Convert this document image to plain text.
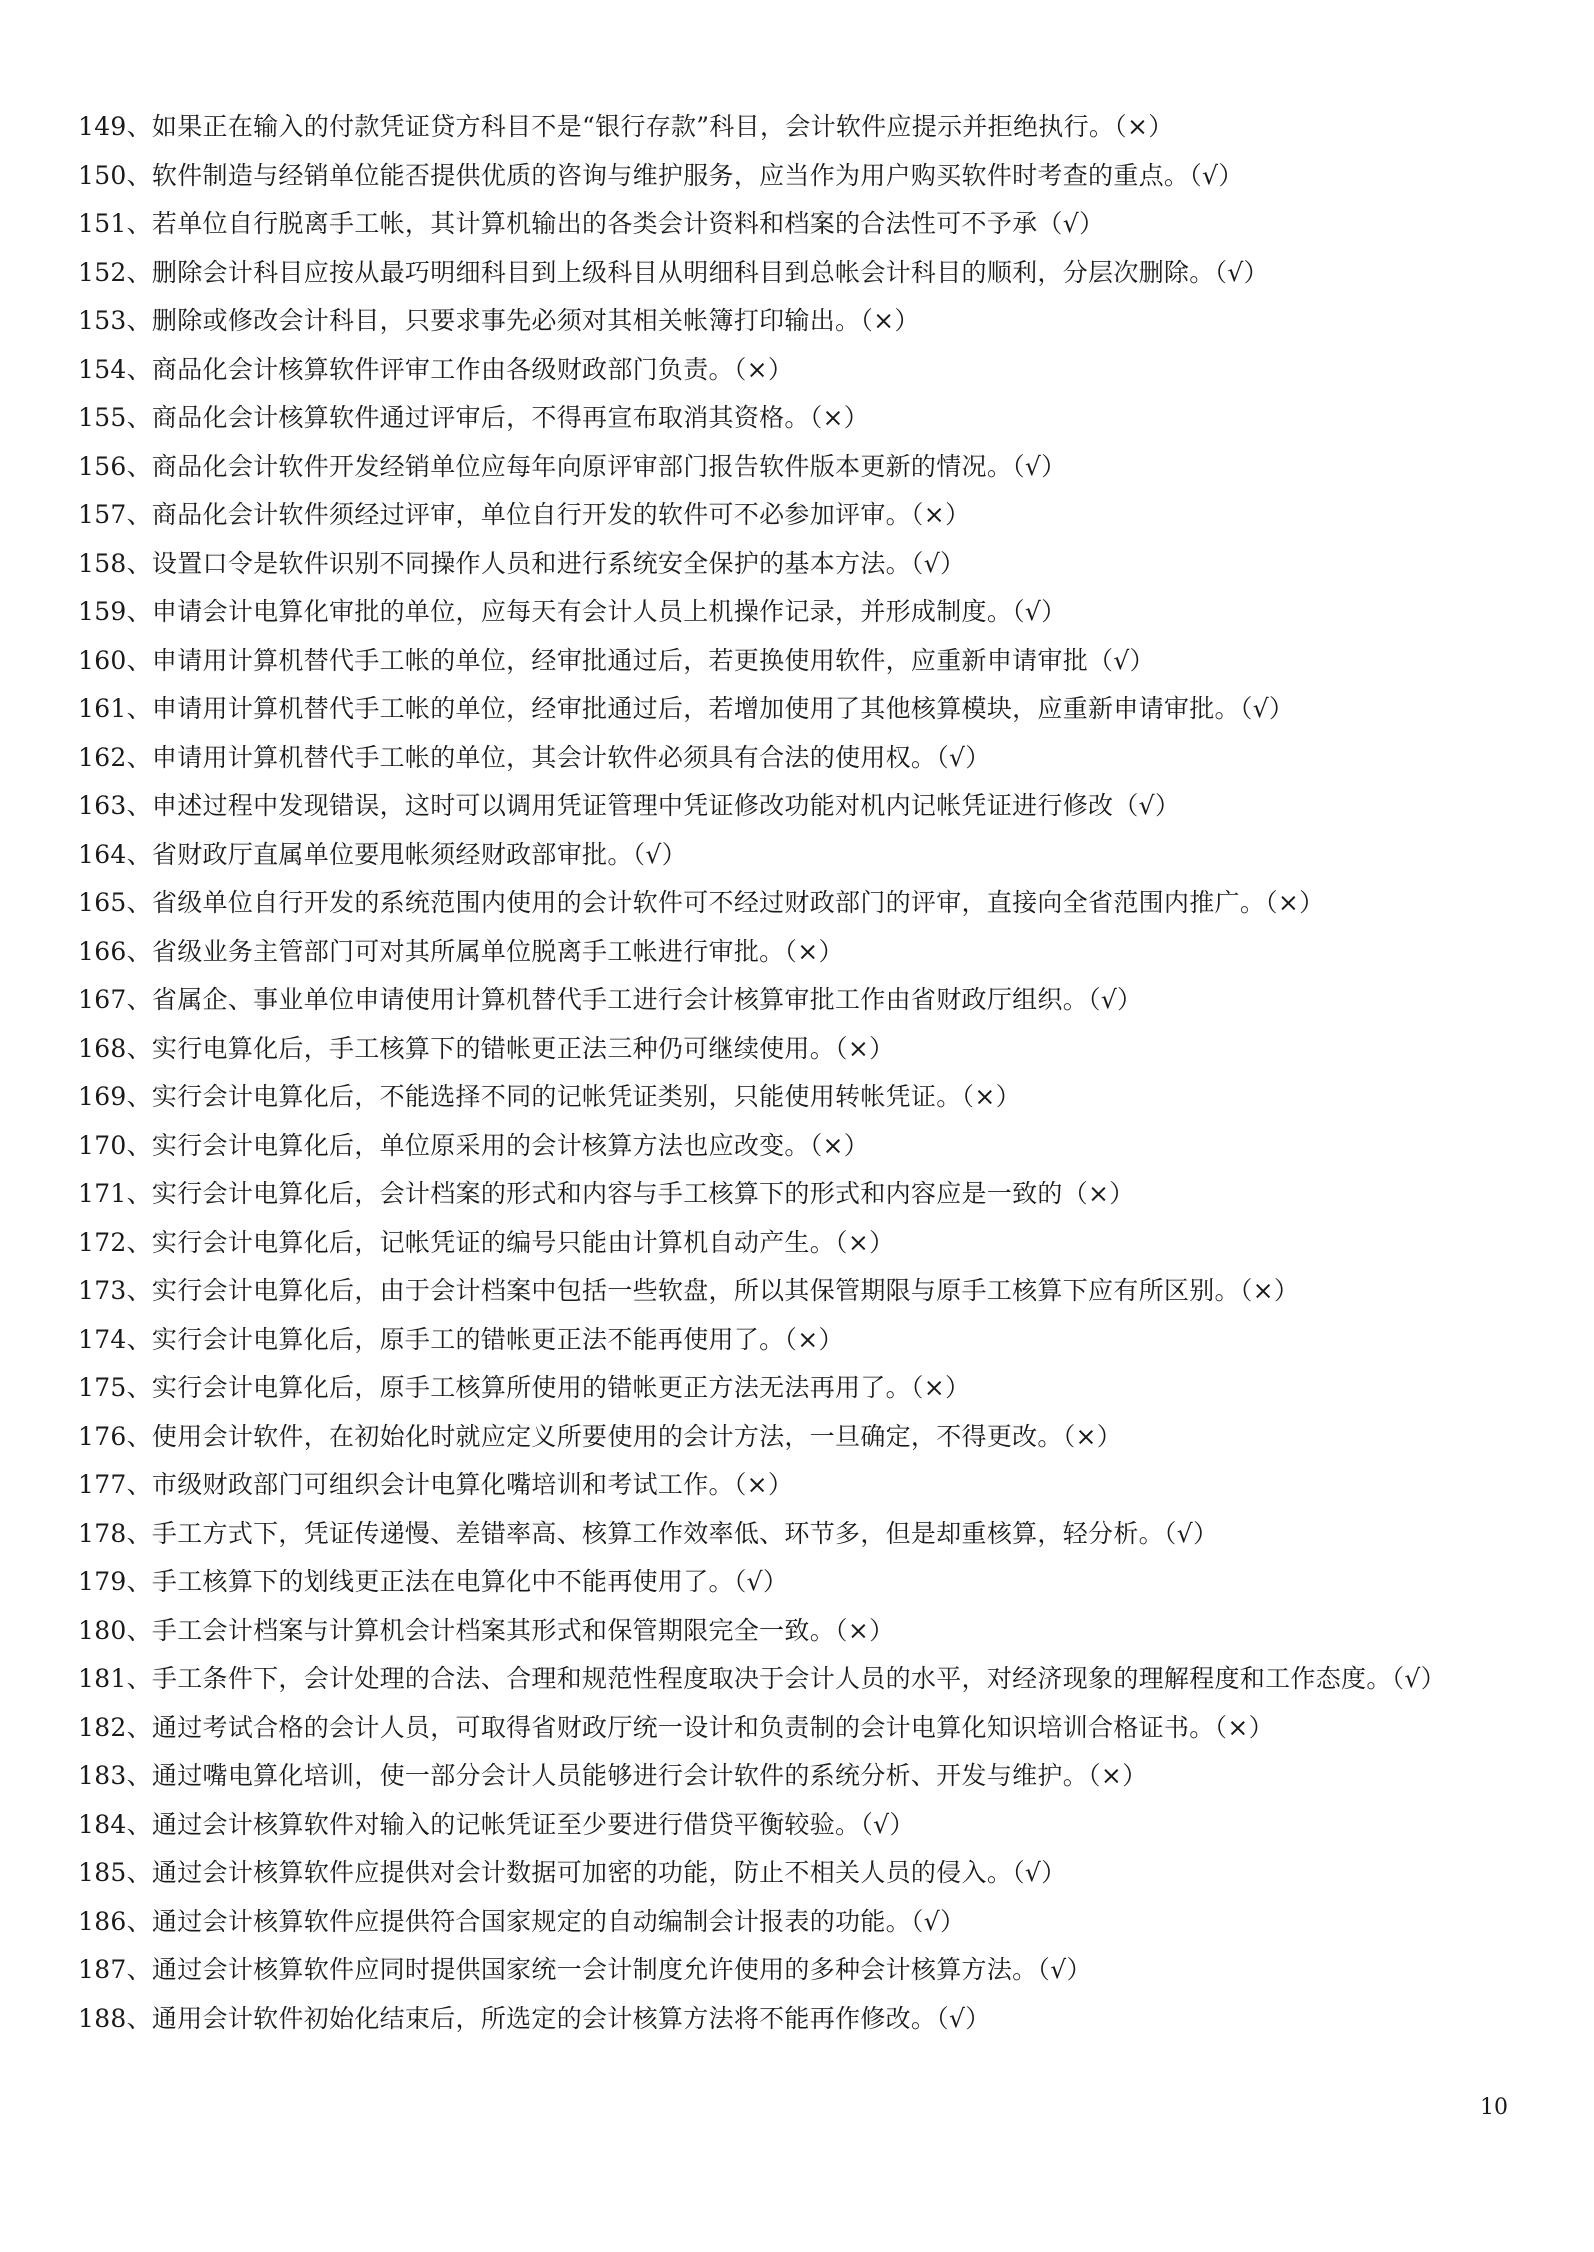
149、如果正在输入的付款凭证贷方科目不是“银行存款”科目，会计软件应提示并拒绝执行。（×）
150、软件制造与经销单位能否提供优质的咨询与维护服务，应当作为用户购买软件时考查的重点。（√）
151、若单位自行脱离手工帐，其计算机输出的各类会计资料和档案的合法性可不予承（√）
152、删除会计科目应按从最巧明细科目到上级科目从明细科目到总帐会计科目的顺利，分层次删除。（√）
153、删除或修改会计科目，只要求事先必须对其相关帐簿打印输出。（×）
154、商品化会计核算软件评审工作由各级财政部门负责。（×）
155、商品化会计核算软件通过评审后，不得再宣布取消其资格。（×）
156、商品化会计软件开发经销单位应每年向原评审部门报告软件版本更新的情况。（√）
157、商品化会计软件须经过评审，单位自行开发的软件可不必参加评审。（×）
158、设置口令是软件识别不同操作人员和进行系统安全保护的基本方法。（√）
159、申请会计电算化审批的单位，应每天有会计人员上机操作记录，并形成制度。（√）
160、申请用计算机替代手工帐的单位，经审批通过后，若更换使用软件，应重新申请审批（√）
161、申请用计算机替代手工帐的单位，经审批通过后，若增加使用了其他核算模块，应重新申请审批。（√）
162、申请用计算机替代手工帐的单位，其会计软件必须具有合法的使用权。（√）
163、申述过程中发现错误，这时可以调用凭证管理中凭证修改功能对机内记帐凭证进行修改（√）
164、省财政厅直属单位要甩帐须经财政部审批。（√）
165、省级单位自行开发的系统范围内使用的会计软件可不经过财政部门的评审，直接向全省范围内推广。（×）
166、省级业务主管部门可对其所属单位脱离手工帐进行审批。（×）
167、省属企、事业单位申请使用计算机替代手工进行会计核算审批工作由省财政厅组织。（√）
168、实行电算化后，手工核算下的错帐更正法三种仍可继续使用。（×）
169、实行会计电算化后，不能选择不同的记帐凭证类别，只能使用转帐凭证。（×）
170、实行会计电算化后，单位原采用的会计核算方法也应改变。（×）
171、实行会计电算化后，会计档案的形式和内容与手工核算下的形式和内容应是一致的（×）
172、实行会计电算化后，记帐凭证的编号只能由计算机自动产生。（×）
173、实行会计电算化后，由于会计档案中包括一些软盘，所以其保管期限与原手工核算下应有所区别。（×）
174、实行会计电算化后，原手工的错帐更正法不能再使用了。（×）
175、实行会计电算化后，原手工核算所使用的错帐更正方法无法再用了。（×）
176、使用会计软件，在初始化时就应定义所要使用的会计方法，一旦确定，不得更改。（×）
177、市级财政部门可组织会计电算化嘴培训和考试工作。（×）
178、手工方式下，凭证传递慢、差错率高、核算工作效率低、环节多，但是却重核算，轻分析。（√）
179、手工核算下的划线更正法在电算化中不能再使用了。（√）
180、手工会计档案与计算机会计档案其形式和保管期限完全一致。（×）
181、手工条件下，会计处理的合法、合理和规范性程度取决于会计人员的水平，对经济现象的理解程度和工作态度。（√）
182、通过考试合格的会计人员，可取得省财政厅统一设计和负责制的会计电算化知识培训合格证书。（×）
183、通过嘴电算化培训，使一部分会计人员能够进行会计软件的系统分析、开发与维护。（×）
184、通过会计核算软件对输入的记帐凭证至少要进行借贷平衡较验。（√）
185、通过会计核算软件应提供对会计数据可加密的功能，防止不相关人员的侵入。（√）
186、通过会计核算软件应提供符合国家规定的自动编制会计报表的功能。（√）
187、通过会计核算软件应同时提供国家统一会计制度允许使用的多种会计核算方法。（√）
188、通用会计软件初始化结束后，所选定的会计核算方法将不能再作修改。（√）
10
